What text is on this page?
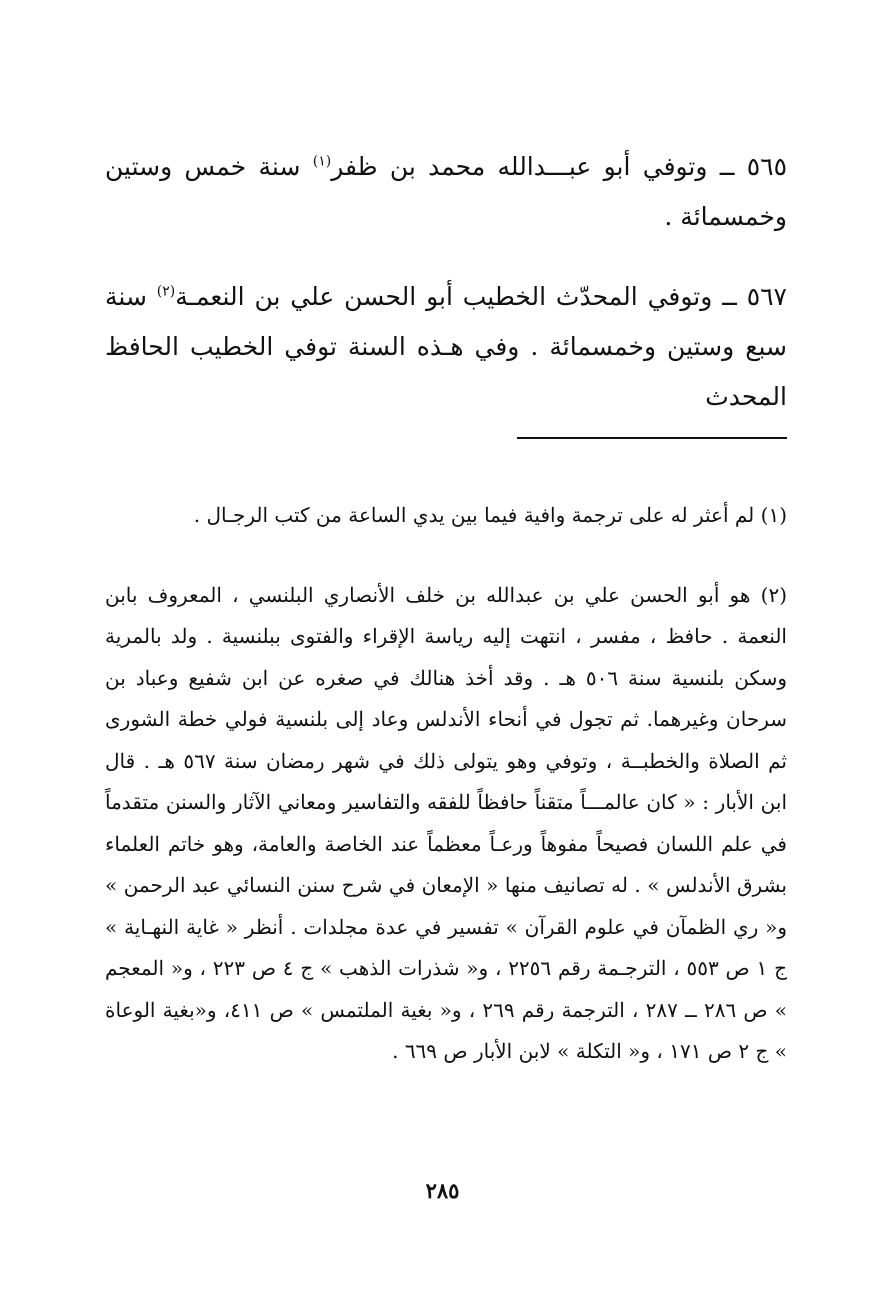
٥٦٥ ــ وتوفي أبو عبـــدالله محمد بن ظفر$^{(١)}$ سنة خمس وستين وخمسمائة .

٥٦٧ ــ وتوفي المحدّث الخطيب أبو الحسن علي بن النعمـة$^{(٢)}$ سنة سبع وستين وخمسمائة . وفي هـذه السنة توفي الخطيب الحافظ المحدث

(١) لم أعثر له على ترجمة وافية فيما بين يدي الساعة من كتب الرجـال .

(٢) هو أبو الحسن علي بن عبدالله بن خلف الأنصاري البلنسي ، المعروف بابن النعمة . حافظ ، مفسر ، انتهت إليه رياسة الإقراء والفتوى ببلنسية . ولد بالمرية وسكن بلنسية سنة ٥٠٦ هـ . وقد أخذ هنالك في صغره عن ابن شفيع وعباد بن سرحان وغيرهما. ثم تجول في أنحاء الأندلس وعاد إلى بلنسية فولي خطة الشورى ثم الصلاة والخطبــة ، وتوفي وهو يتولى ذلك في شهر رمضان سنة ٥٦٧ هـ . قال ابن الأبار : « كان عالمـــاً متقناً حافظاً للفقه والتفاسير ومعاني الآثار والسنن متقدماً في علم اللسان فصيحاً مفوهاً ورعـاً معظماً عند الخاصة والعامة، وهو خاتم العلماء بشرق الأندلس » . له تصانيف منها « الإمعان في شرح سنن النسائي عبد الرحمن » و« ري الظمآن في علوم القرآن » تفسير في عدة مجلدات . أنظر « غاية النهـاية » ج ١ ص ٥٥٣ ، الترجـمة رقم ٢٢٥٦ ، و« شذرات الذهب » ج ٤ ص ٢٢٣ ، و« المعجم » ص ٢٨٦ ــ ٢٨٧ ، الترجمة رقم ٢٦٩ ، و« بغية الملتمس » ص ٤١١، و«بغية الوعاة » ج ٢ ص ١٧١ ، و« التكلة » لابن الأبار ص ٦٦٩ .

٢٨٥
